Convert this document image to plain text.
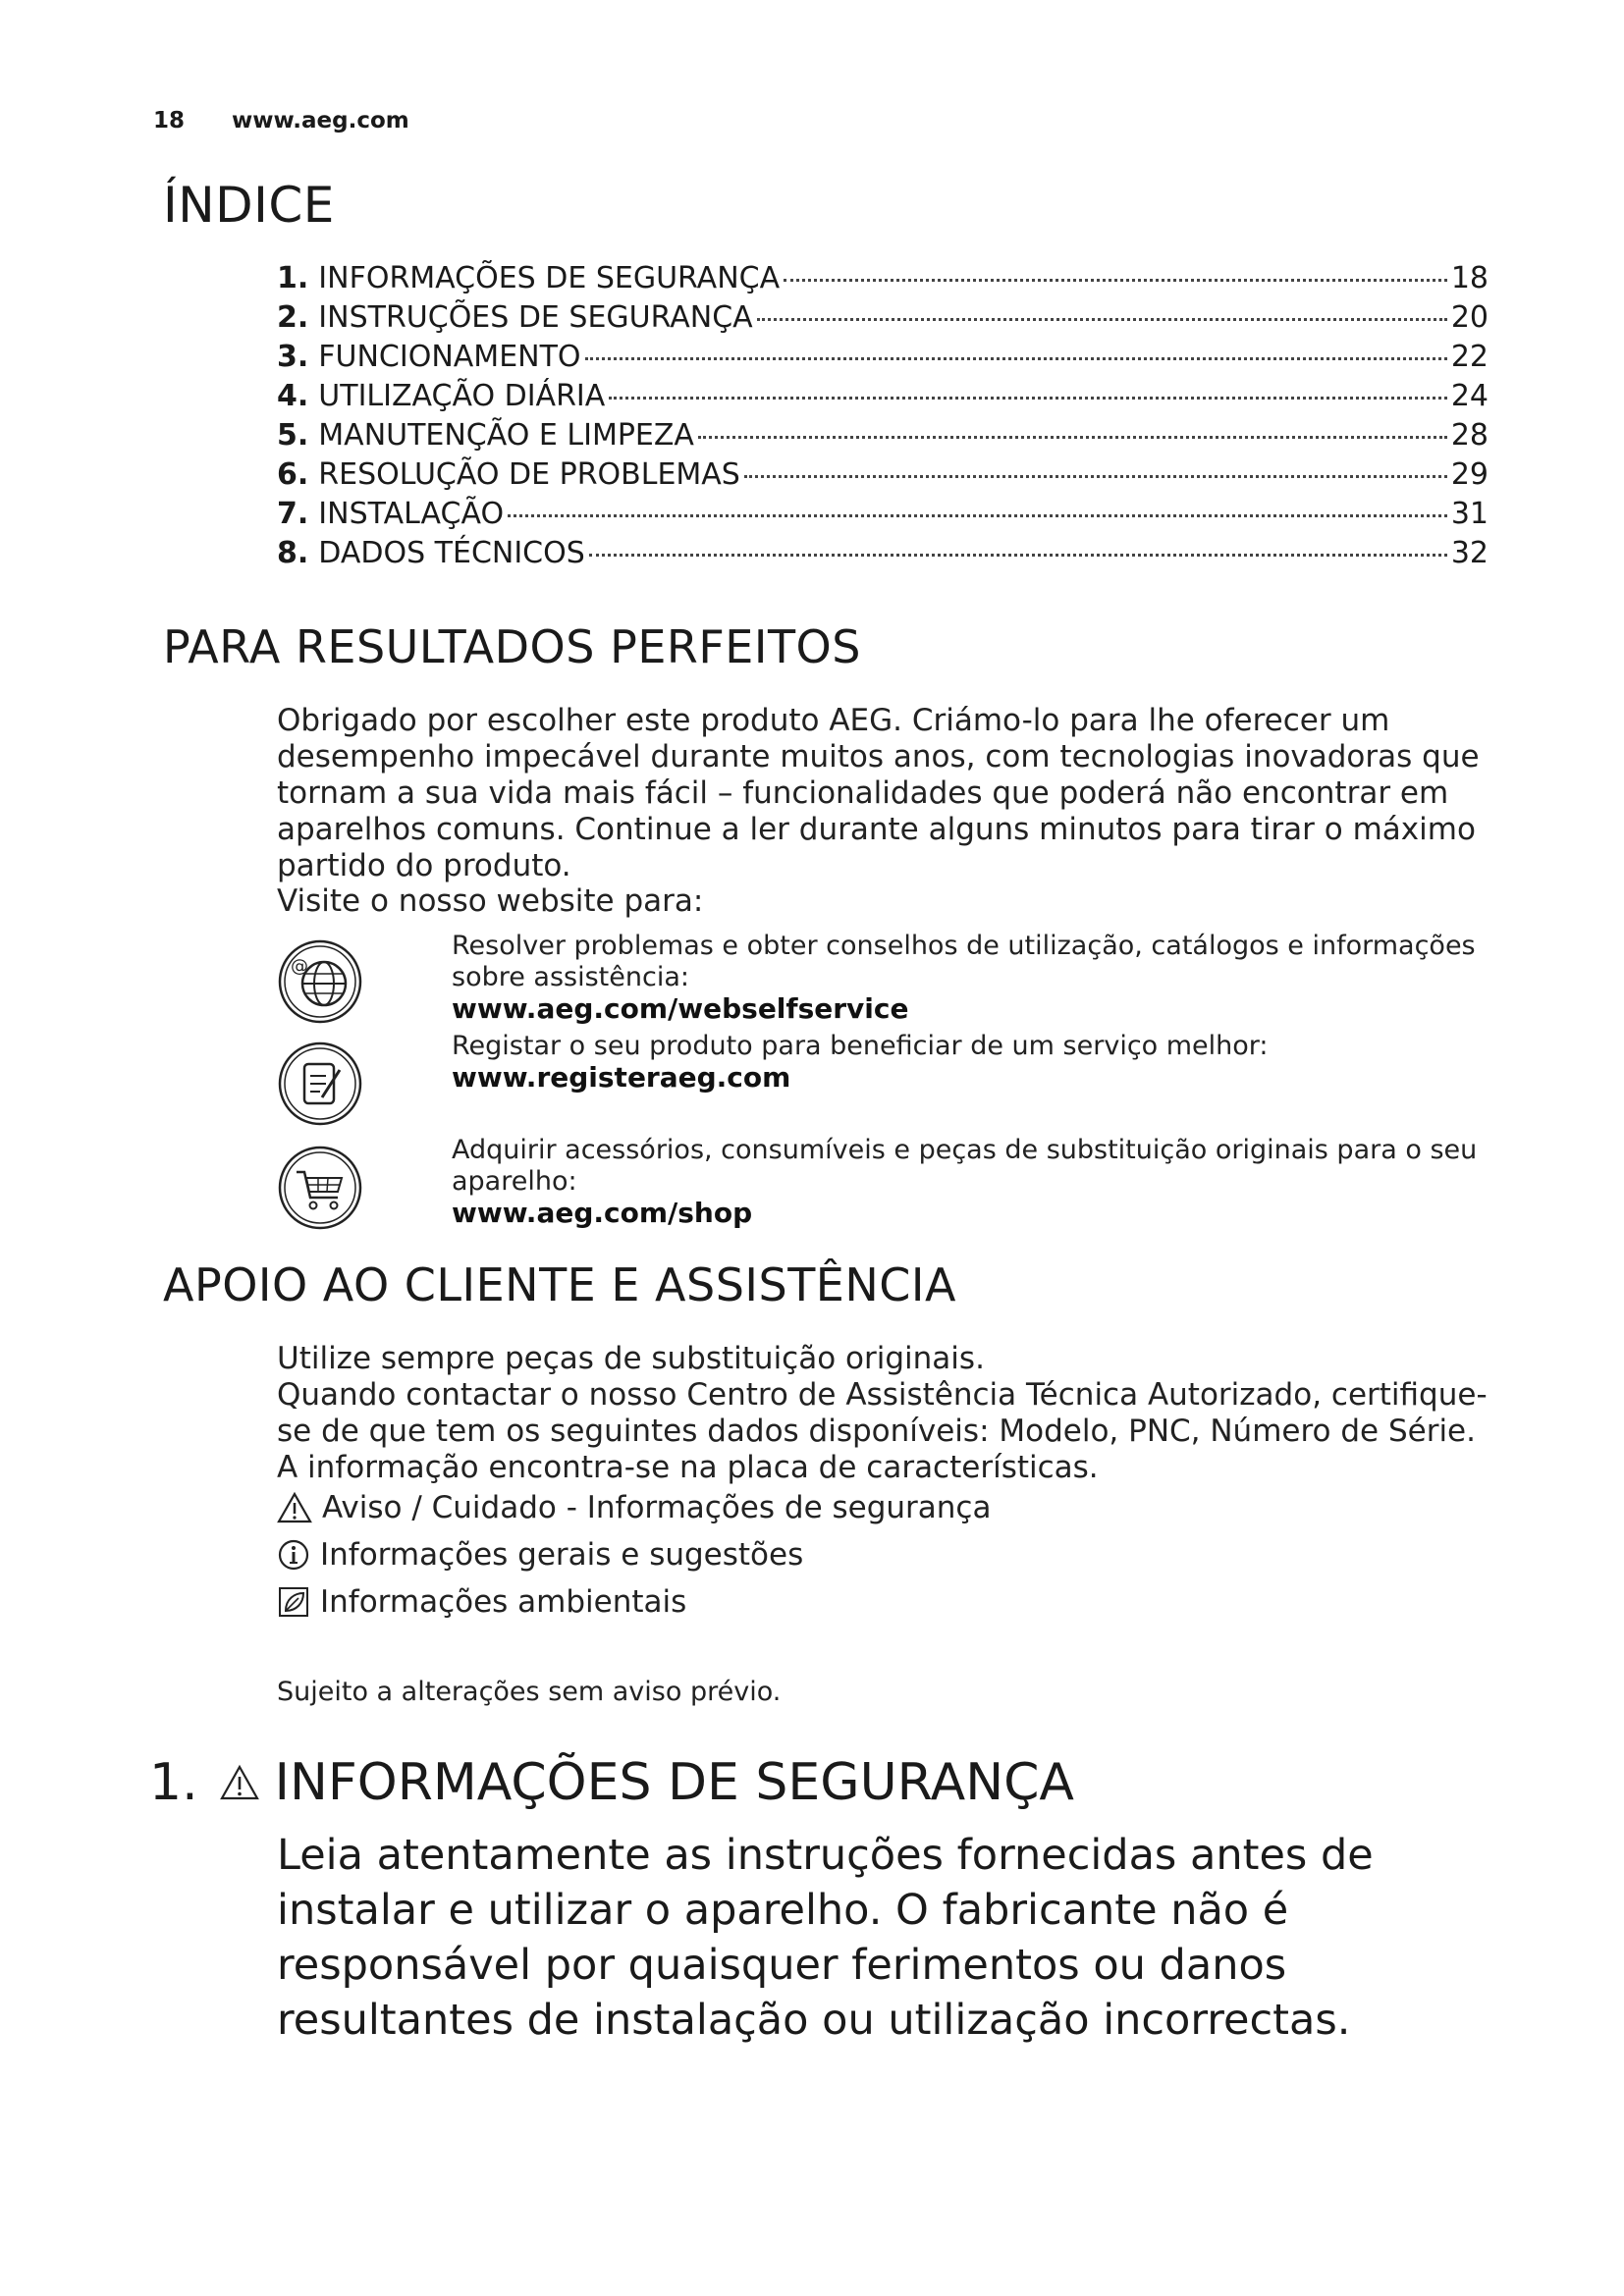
18 www.aeg.com
ÍNDICE
1. INFORMAÇÕES DE SEGURANÇA	18
2. INSTRUÇÕES DE SEGURANÇA	20
3. FUNCIONAMENTO	22
4. UTILIZAÇÃO DIÁRIA	24
5. MANUTENÇÃO E LIMPEZA	28
6. RESOLUÇÃO DE PROBLEMAS	29
7. INSTALAÇÃO	31
8. DADOS TÉCNICOS	32
PARA RESULTADOS PERFEITOS

Obrigado por escolher este produto AEG. Criámo-lo para lhe oferecer um desempenho impecável durante muitos anos, com tecnologias inovadoras que tornam a sua vida mais fácil – funcionalidades que poderá não encontrar em aparelhos comuns. Continue a ler durante alguns minutos para tirar o máximo partido do produto.

Visite o nosso website para:

@
Resolver problemas e obter conselhos de utilização, catálogos e informações sobre assistência:
www.aeg.com/webselfservice
Registar o seu produto para beneficiar de um serviço melhor:
www.registeraeg.com
Adquirir acessórios, consumíveis e peças de substituição originais para o seu aparelho:
www.aeg.com/shop
APOIO AO CLIENTE E ASSISTÊNCIA
Utilize sempre peças de substituição originais.
Quando contactar o nosso Centro de Assistência Técnica Autorizado, certifique-se de que tem os seguintes dados disponíveis: Modelo, PNC, Número de Série.
A informação encontra-se na placa de características.
Aviso / Cuidado - Informações de segurança
Informações gerais e sugestões
Informações ambientais

Sujeito a alterações sem aviso prévio.

1. INFORMAÇÕES DE SEGURANÇA

Leia atentamente as instruções fornecidas antes de instalar e utilizar o aparelho. O fabricante não é responsável por quaisquer ferimentos ou danos resultantes de instalação ou utilização incorrectas.
